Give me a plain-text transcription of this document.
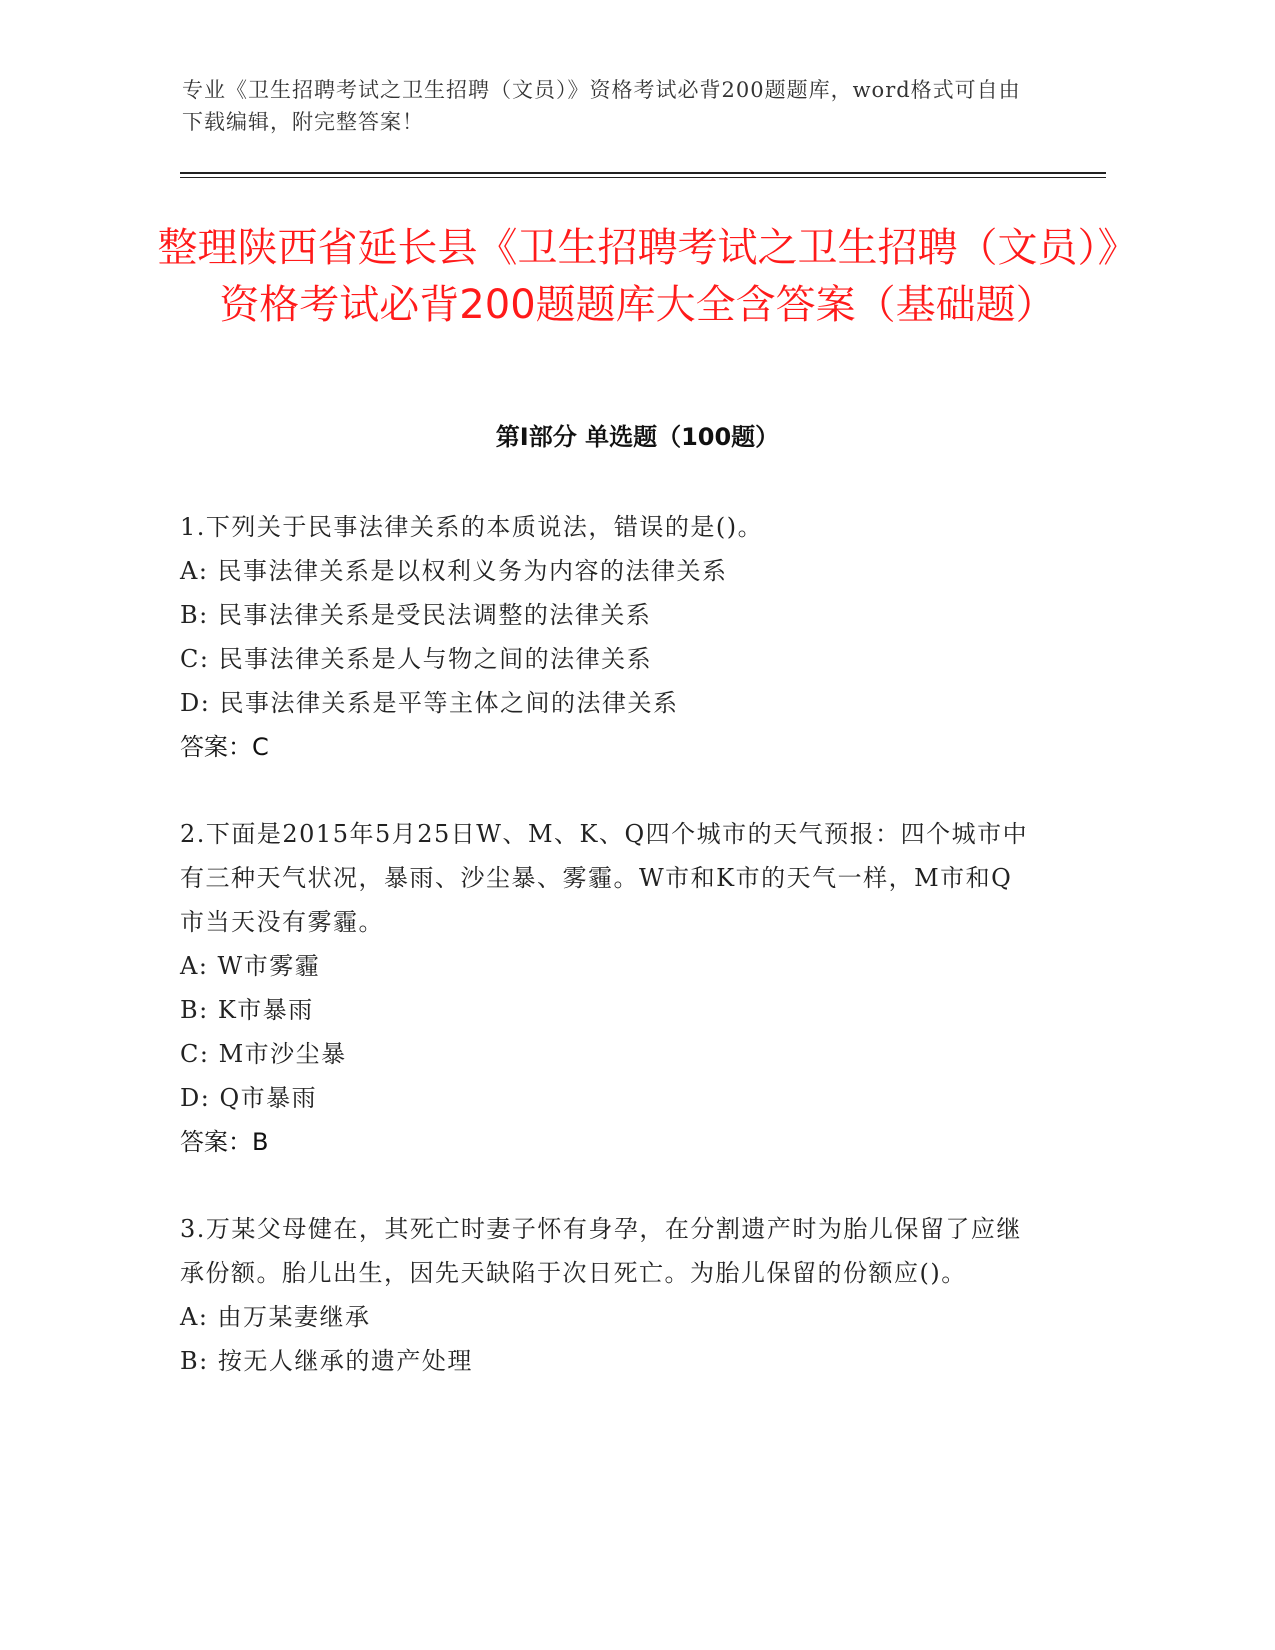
专业《卫生招聘考试之卫生招聘（文员）》资格考试必背200题题库，word格式可自由下载编辑，附完整答案！
整理陕西省延长县《卫生招聘考试之卫生招聘（文员）》资格考试必背200题题库大全含答案（基础题）
第Ⅰ部分 单选题（100题）

1.下列关于民事法律关系的本质说法，错误的是()。

A: 民事法律关系是以权利义务为内容的法律关系

B: 民事法律关系是受民法调整的法律关系

C: 民事法律关系是人与物之间的法律关系

D: 民事法律关系是平等主体之间的法律关系

答案：C

2.下面是2015年5月25日W、M、K、Q四个城市的天气预报：四个城市中有三种天气状况，暴雨、沙尘暴、雾霾。W市和K市的天气一样，M市和Q市当天没有雾霾。

A: W市雾霾

B: K市暴雨

C: M市沙尘暴

D: Q市暴雨

答案：B

3.万某父母健在，其死亡时妻子怀有身孕，在分割遗产时为胎儿保留了应继承份额。胎儿出生，因先天缺陷于次日死亡。为胎儿保留的份额应()。

A: 由万某妻继承

B: 按无人继承的遗产处理
